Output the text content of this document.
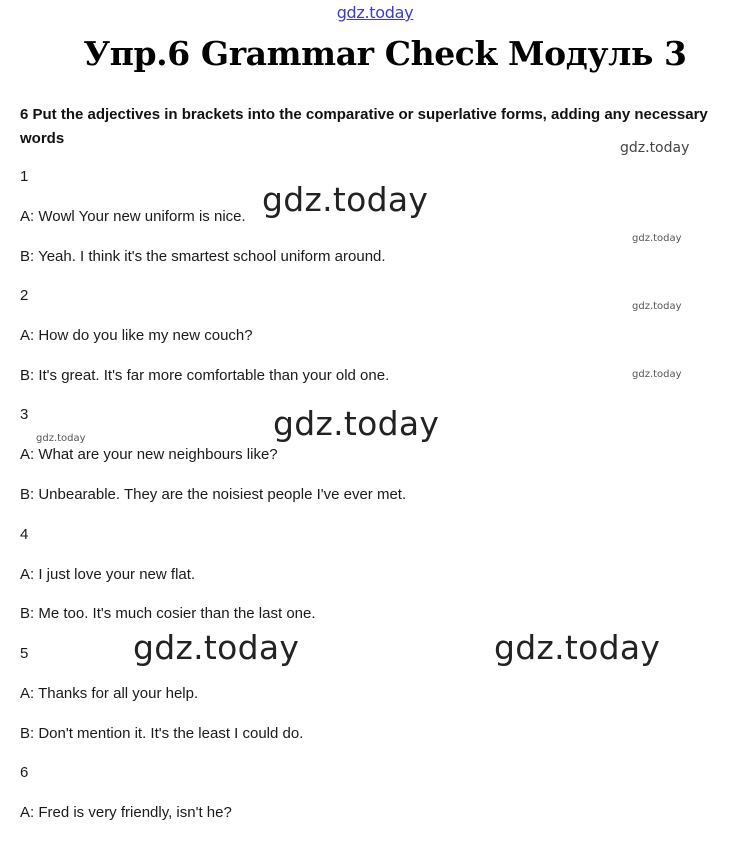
gdz.today
Упр.6 Grammar Check Модуль 3

6 Put the adjectives in brackets into the comparative or superlative forms, adding any necessary words

1
A: Wowl Your new uniform is nice.
B: Yeah. I think it's the smartest school uniform around.
2
A: How do you like my new couch?
B: It's great. It's far more comfortable than your old one.
3
A: What are your new neighbours like?
B: Unbearable. They are the noisiest people I've ever met.
4
A: I just love your new flat.
B: Me too. It's much cosier than the last one.
5
A: Thanks for all your help.
B: Don't mention it. It's the least I could do.
6
A: Fred is very friendly, isn't he?
gdz.today
gdz.today
gdz.today
gdz.today
gdz.today
gdz.today
gdz.today
gdz.today	gdz.today
